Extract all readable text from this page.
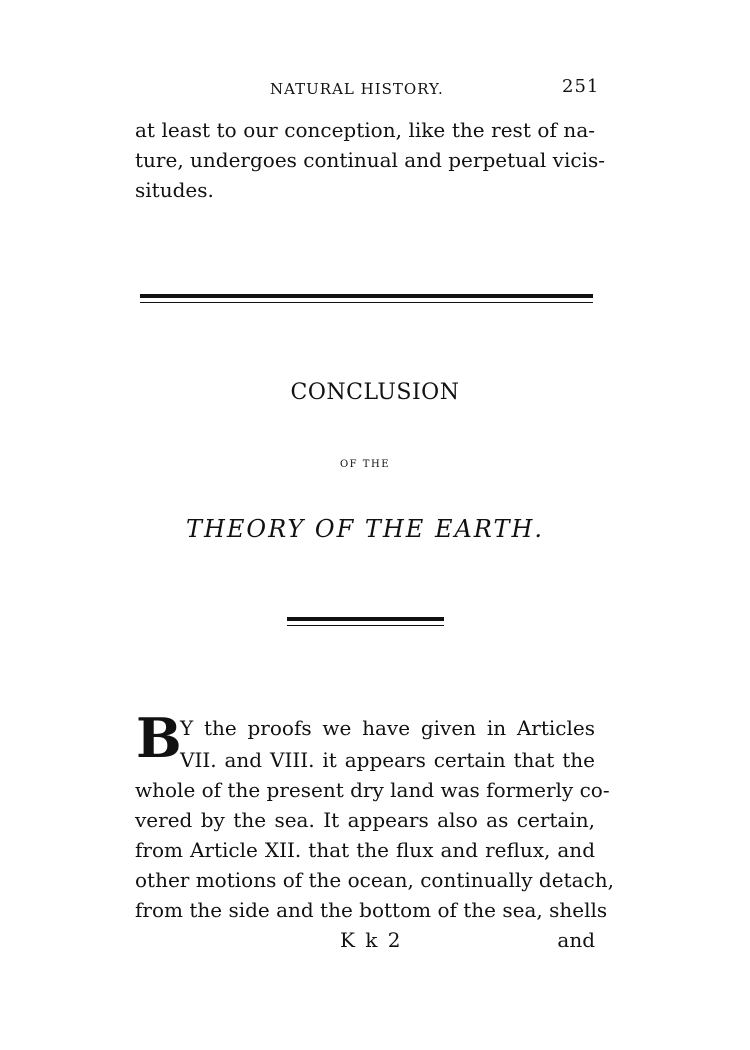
NATURAL HISTORY.	251
at least to our conception, like the rest of na-
ture, undergoes continual and perpetual vicis-
situdes.
CONCLUSION
OF THE
THEORY OF THE EARTH.
B
Y the proofs we have given in Articles
VII. and VIII. it appears certain that the
whole of the present dry land was formerly co-
vered by the sea. It appears also as certain,
from Article XII. that the flux and reflux, and
other motions of the ocean, continually detach,
from the side and the bottom of the sea, shells
K k 2	and
